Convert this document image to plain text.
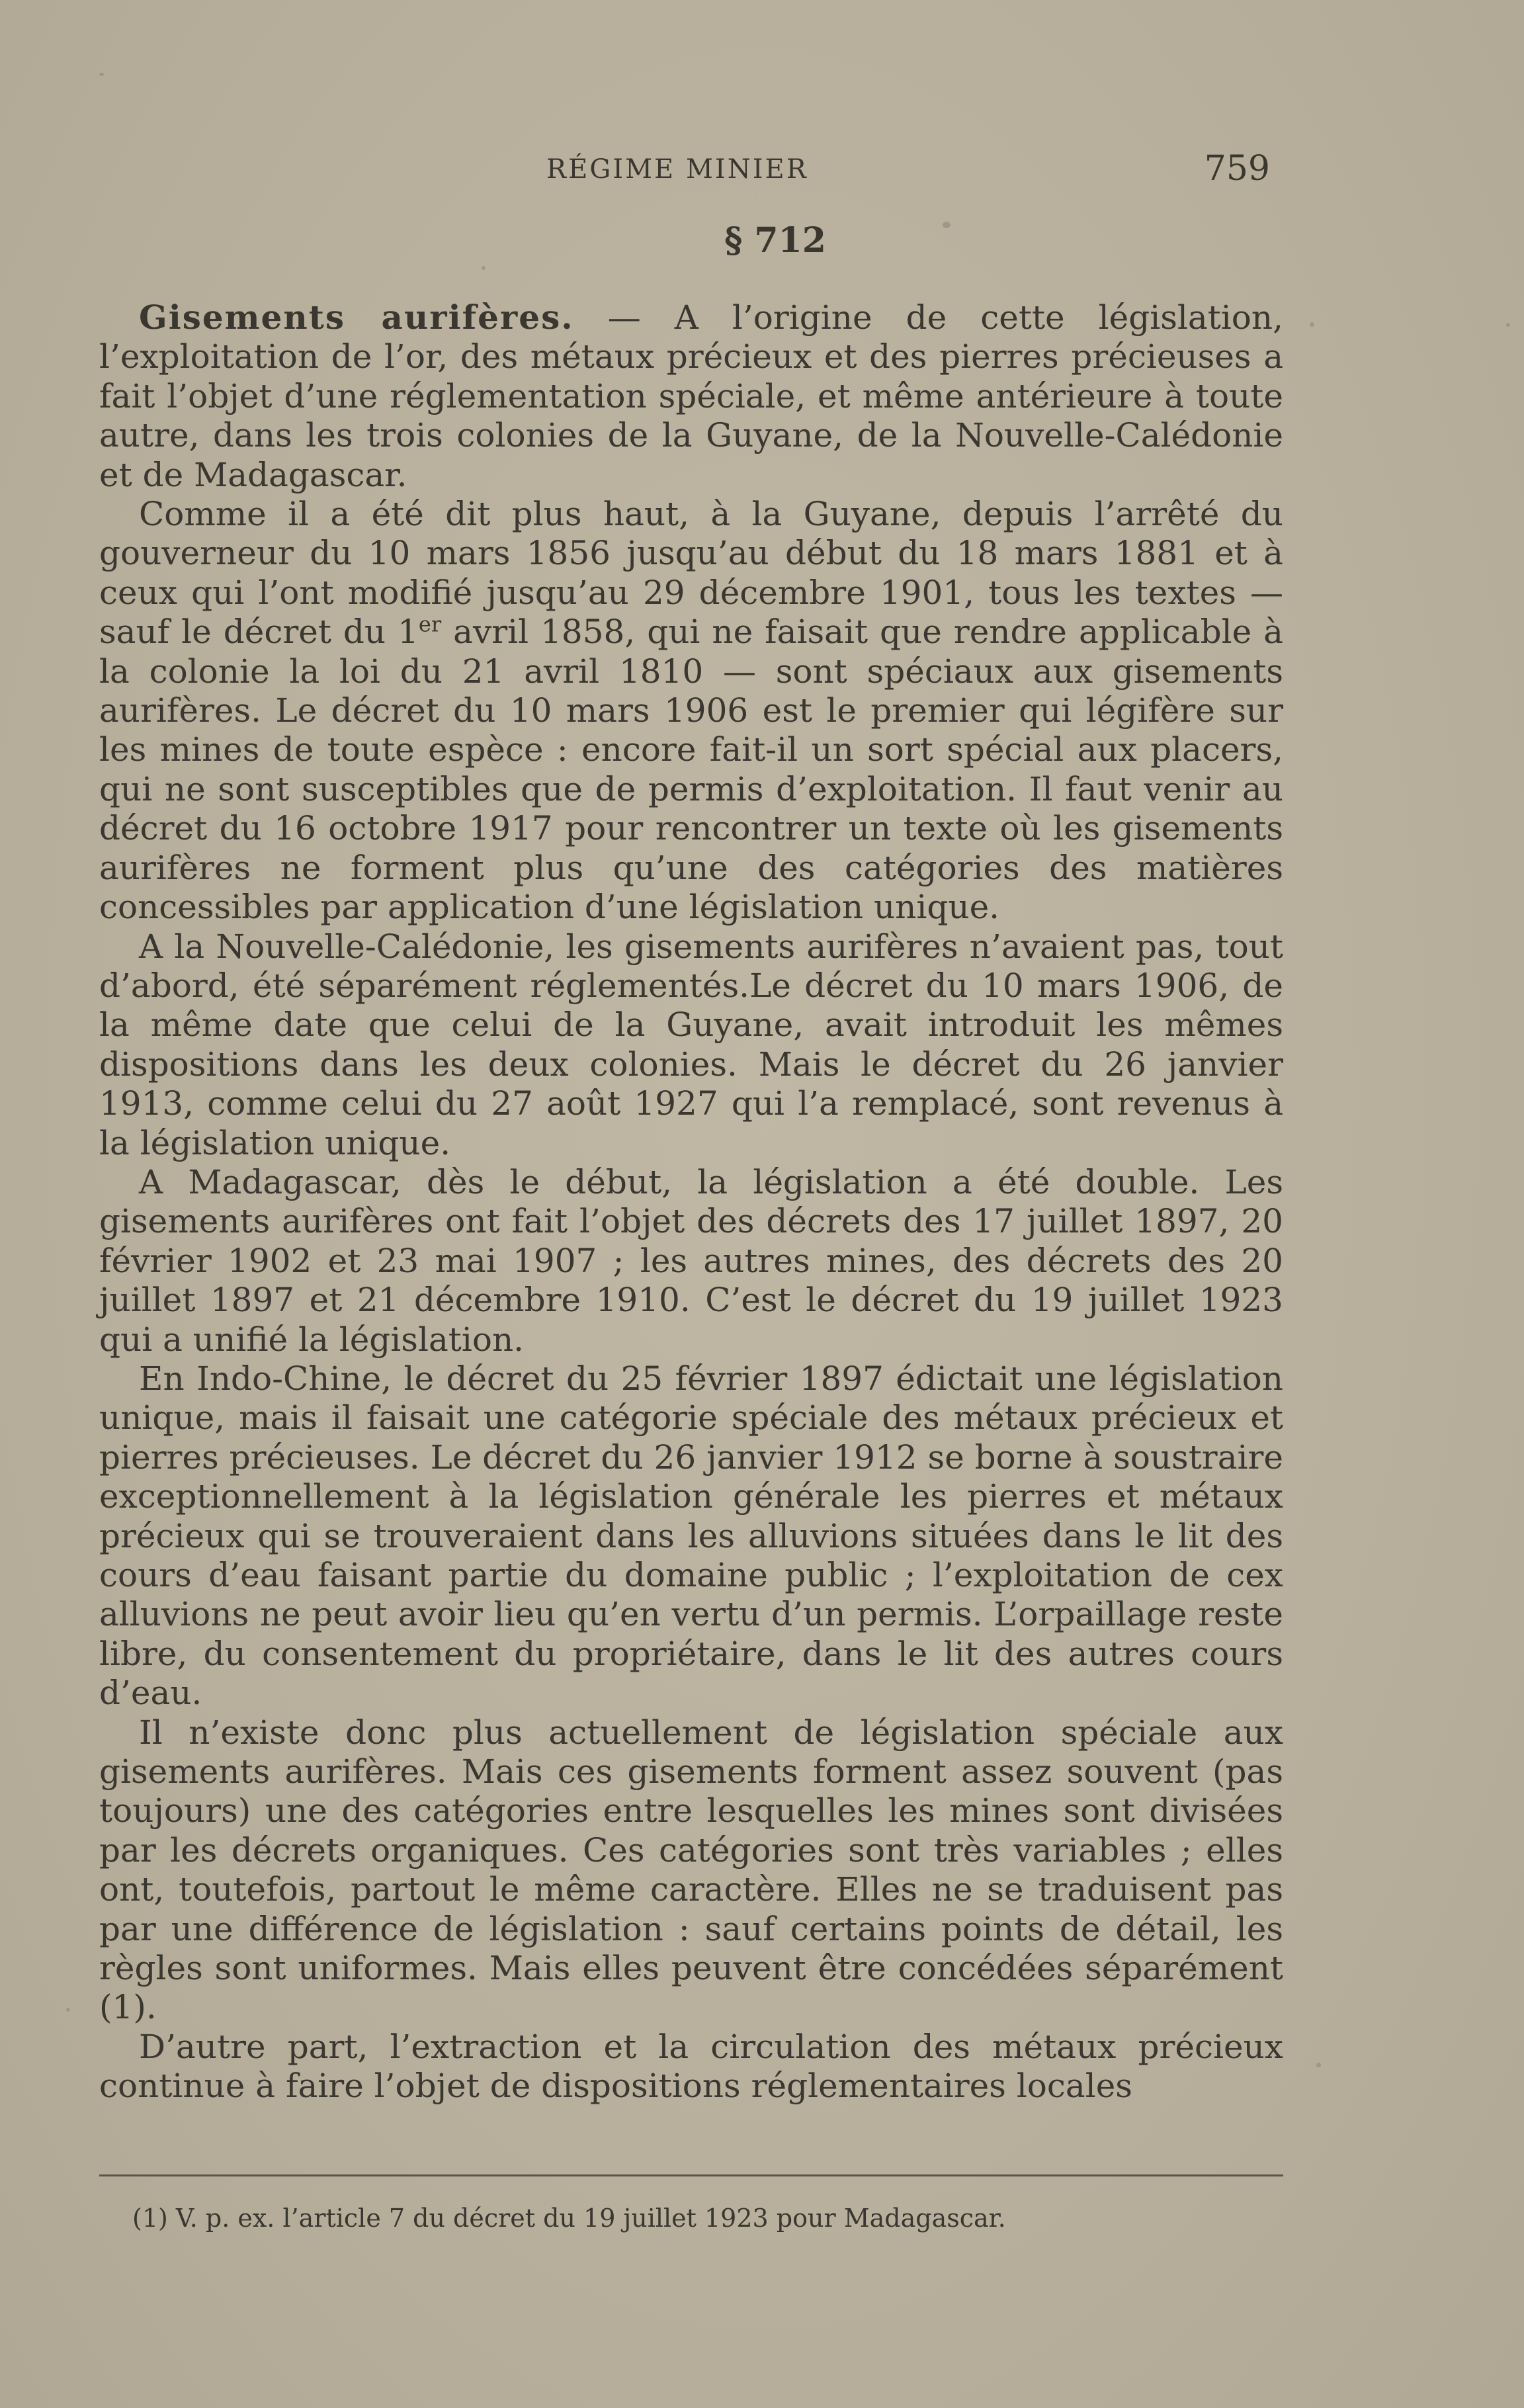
RÉGIME MINIER	759
§ 712

Gisements aurifères. — A l’origine de cette législation, l’exploitation de l’or, des métaux précieux et des pierres précieuses a fait l’objet d’une réglementation spéciale, et même antérieure à toute autre, dans les trois colonies de la Guyane, de la Nouvelle-Calédonie et de Madagascar.

Comme il a été dit plus haut, à la Guyane, depuis l’arrêté du gouverneur du 10 mars 1856 jusqu’au début du 18 mars 1881 et à ceux qui l’ont modifié jusqu’au 29 décembre 1901, tous les textes — sauf le décret du 1er avril 1858, qui ne faisait que rendre applicable à la colonie la loi du 21 avril 1810 — sont spéciaux aux gisements aurifères. Le décret du 10 mars 1906 est le premier qui légifère sur les mines de toute espèce : encore fait-il un sort spécial aux placers, qui ne sont susceptibles que de permis d’exploitation. Il faut venir au décret du 16 octobre 1917 pour rencontrer un texte où les gisements aurifères ne forment plus qu’une des catégories des matières concessibles par application d’une législation unique.

A la Nouvelle-Calédonie, les gisements aurifères n’avaient pas, tout d’abord, été séparément réglementés.Le décret du 10 mars 1906, de la même date que celui de la Guyane, avait introduit les mêmes dispositions dans les deux colonies. Mais le décret du 26 janvier 1913, comme celui du 27 août 1927 qui l’a remplacé, sont revenus à la législation unique.

A Madagascar, dès le début, la législation a été double. Les gisements aurifères ont fait l’objet des décrets des 17 juillet 1897, 20 février 1902 et 23 mai 1907 ; les autres mines, des décrets des 20 juillet 1897 et 21 décembre 1910. C’est le décret du 19 juillet 1923 qui a unifié la législation.

En Indo-Chine, le décret du 25 février 1897 édictait une législation unique, mais il faisait une catégorie spéciale des métaux précieux et pierres précieuses. Le décret du 26 janvier 1912 se borne à soustraire exceptionnellement à la législation générale les pierres et métaux précieux qui se trouveraient dans les alluvions situées dans le lit des cours d’eau faisant partie du domaine public ; l’exploitation de cex alluvions ne peut avoir lieu qu’en vertu d’un permis. L’orpaillage reste libre, du consentement du propriétaire, dans le lit des autres cours d’eau.

Il n’existe donc plus actuellement de législation spéciale aux gisements aurifères. Mais ces gisements forment assez souvent (pas toujours) une des catégories entre lesquelles les mines sont divisées par les décrets organiques. Ces catégories sont très variables ; elles ont, toutefois, partout le même caractère. Elles ne se traduisent pas par une différence de législation : sauf certains points de détail, les règles sont uniformes. Mais elles peuvent être concédées séparément (1).

D’autre part, l’extraction et la circulation des métaux précieux continue à faire l’objet de dispositions réglementaires locales

(1) V. p. ex. l’article 7 du décret du 19 juillet 1923 pour Madagascar.
